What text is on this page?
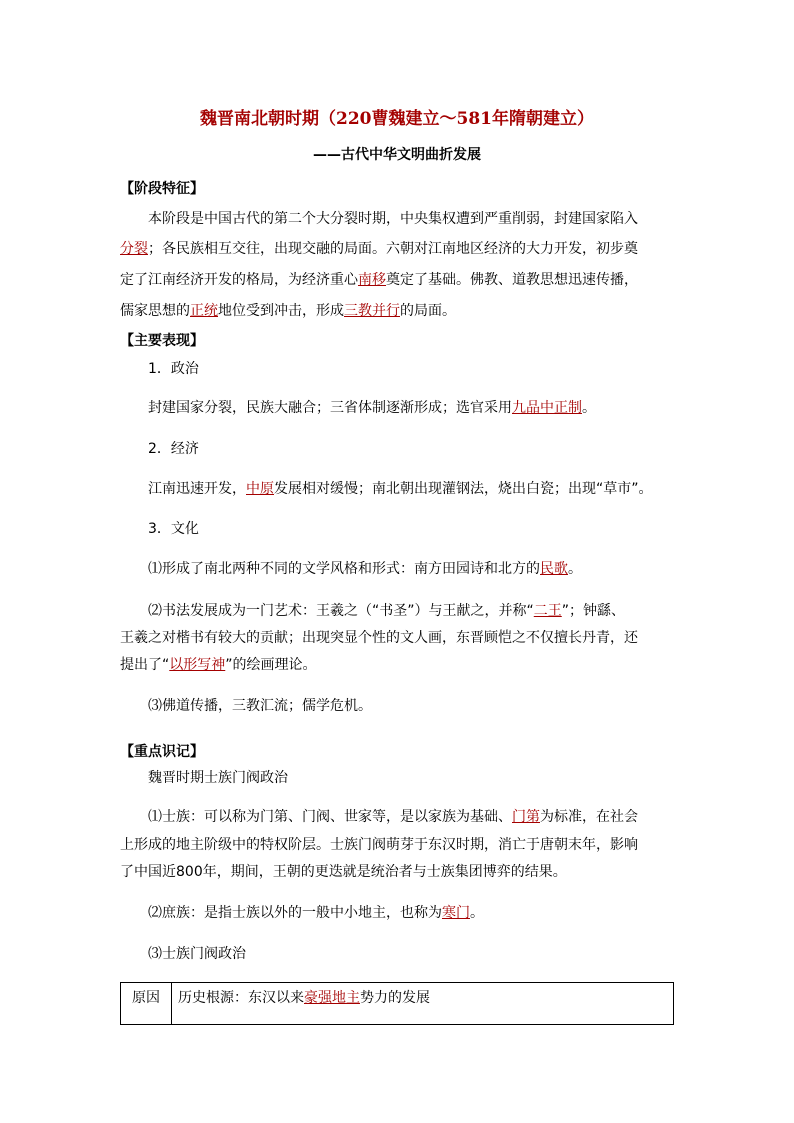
魏晋南北朝时期（220曹魏建立～581年隋朝建立）
——古代中华文明曲折发展
【阶段特征】
本阶段是中国古代的第二个大分裂时期，中央集权遭到严重削弱，封建国家陷入
分裂；各民族相互交往，出现交融的局面。六朝对江南地区经济的大力开发，初步奠
定了江南经济开发的格局，为经济重心南移奠定了基础。佛教、道教思想迅速传播，
儒家思想的正统地位受到冲击，形成三教并行的局面。
【主要表现】
1．政治
封建国家分裂，民族大融合；三省体制逐渐形成；选官采用九品中正制。
2．经济
江南迅速开发，中原发展相对缓慢；南北朝出现灌钢法，烧出白瓷；出现“草市”。
3．文化
⑴形成了南北两种不同的文学风格和形式：南方田园诗和北方的民歌。
⑵书法发展成为一门艺术：王羲之（“书圣”）与王献之，并称“二王”；钟繇、
王羲之对楷书有较大的贡献；出现突显个性的文人画，东晋顾恺之不仅擅长丹青，还
提出了“以形写神”的绘画理论。
⑶佛道传播，三教汇流；儒学危机。
【重点识记】
魏晋时期士族门阀政治
⑴士族：可以称为门第、门阀、世家等，是以家族为基础、门第为标准，在社会
上形成的地主阶级中的特权阶层。士族门阀萌芽于东汉时期，消亡于唐朝末年，影响
了中国近800年，期间，王朝的更迭就是统治者与士族集团博弈的结果。
⑵庶族：是指士族以外的一般中小地主，也称为寒门。
⑶士族门阀政治
原因	历史根源：东汉以来豪强地主势力的发展
